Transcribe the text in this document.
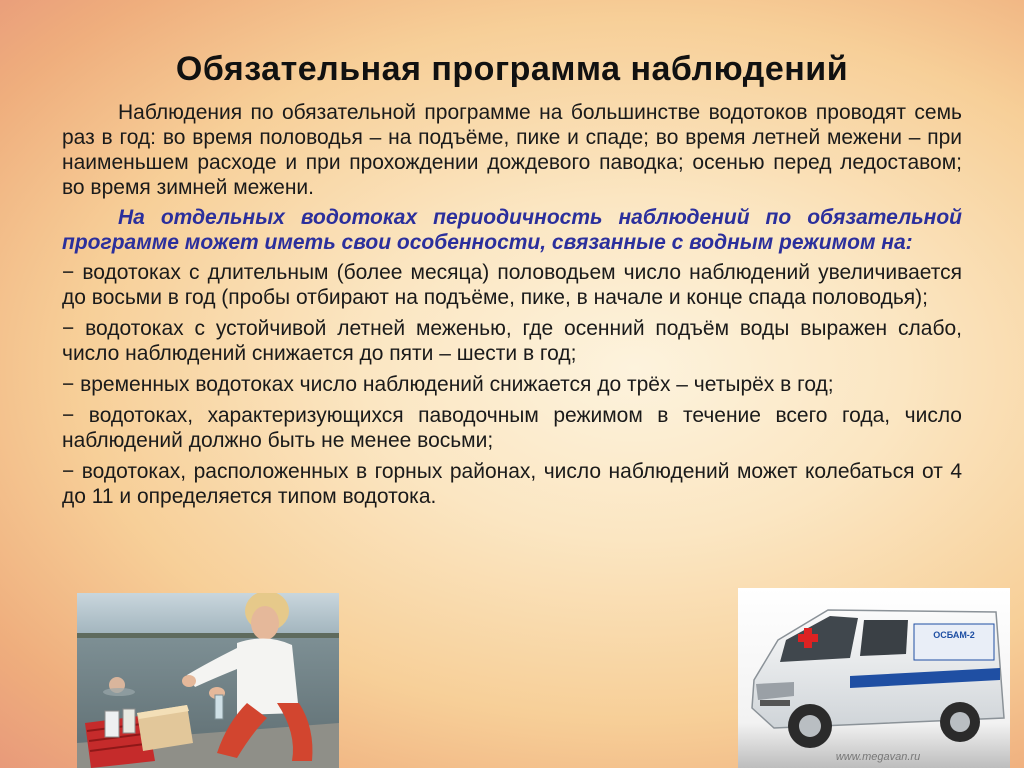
Обязательная программа наблюдений

Наблюдения по обязательной программе на большинстве водотоков проводят семь раз в год: во время половодья – на подъёме, пике и спаде; во время летней межени – при наименьшем расходе и при прохождении дождевого паводка; осенью перед ледоставом; во время зимней межени.

На отдельных водотоках периодичность наблюдений по обязательной программе может иметь свои особенности, связанные с водным режимом на:

− водотоках с длительным (более месяца) половодьем число наблюдений увеличивается до восьми в год (пробы отбирают на подъёме, пике, в начале и конце спада половодья);

− водотоках с устойчивой летней меженью, где осенний подъём воды выражен слабо, число наблюдений снижается до пяти – шести в год;

− временных водотоках число наблюдений снижается до трёх – четырёх в год;

− водотоках, характеризующихся паводочным режимом в течение всего года, число наблюдений должно быть не менее восьми;

− водотоках, расположенных в горных районах, число наблюдений может колебаться от 4 до 11 и определяется типом водотока.

ОСБАМ-2
www.megavan.ru
